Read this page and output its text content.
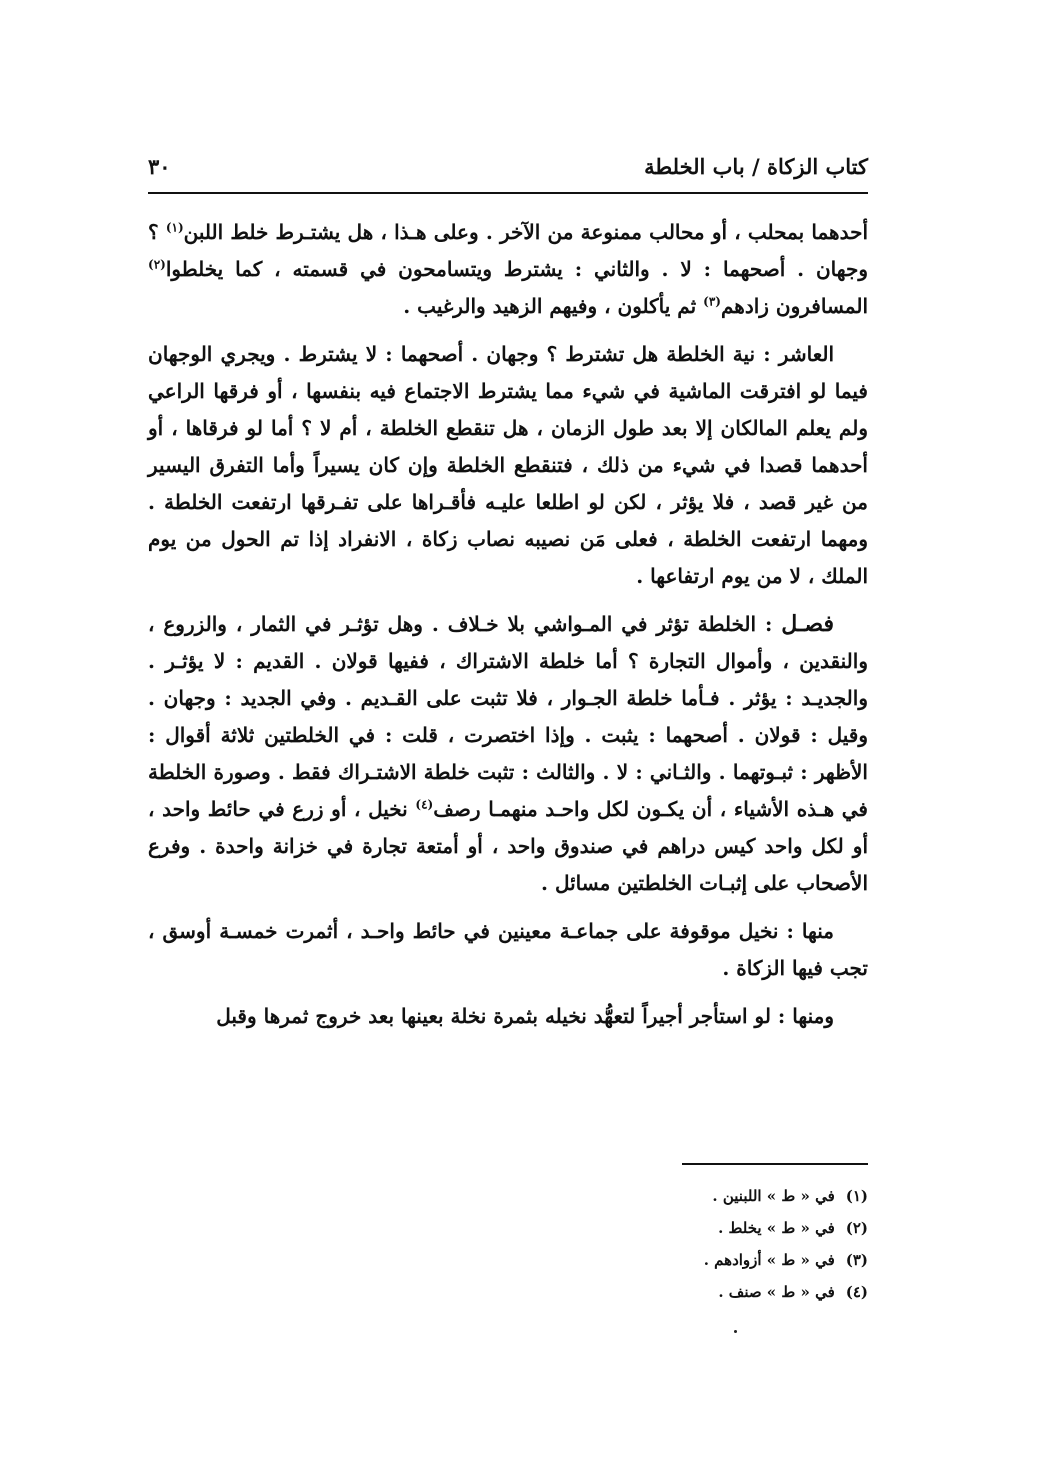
كتاب الزكاة / باب الخلطة
٣٠

أحدهما بمحلب ، أو محالب ممنوعة من الآخر . وعلى هـذا ، هل يشتـرط خلط اللبن$^{(١)}$ ؟ وجهان . أصحهما : لا . والثاني : يشترط ويتسامحون في قسمته ، كما يخلطوا$^{(٢)}$ المسافرون زادهم$^{(٣)}$ ثم يأكلون ، وفيهم الزهيد والرغيب .

العاشر : نية الخلطة هل تشترط ؟ وجهان . أصحهما : لا يشترط . ويجري الوجهان فيما لو افترقت الماشية في شيء مما يشترط الاجتماع فيه بنفسها ، أو فرقها الراعي ولم يعلم المالكان إلا بعد طول الزمان ، هل تنقطع الخلطة ، أم لا ؟ أما لو فرقاها ، أو أحدهما قصدا في شيء من ذلك ، فتنقطع الخلطة وإن كان يسيراً وأما التفرق اليسير من غير قصد ، فلا يؤثر ، لكن لو اطلعا عليـه فأقـراها على تفـرقها ارتفعت الخلطة . ومهما ارتفعت الخلطة ، فعلى مَن نصيبه نصاب زكاة ، الانفراد إذا تم الحول من يوم الملك ، لا من يوم ارتفاعها .

فصـل : الخلطة تؤثر في المـواشي بلا خـلاف . وهل تؤثـر في الثمار ، والزروع ، والنقدين ، وأموال التجارة ؟ أما خلطة الاشتراك ، ففيها قولان . القديم : لا يؤثـر . والجديـد : يؤثر . فـأما خلطة الجـوار ، فلا تثبت على القـديم . وفي الجديد : وجهان . وقيل : قولان . أصحهما : يثبت . وإذا اختصرت ، قلت : في الخلطتين ثلاثة أقوال : الأظهر : ثبـوتهما . والثـاني : لا . والثالث : تثبت خلطة الاشتـراك فقط . وصورة الخلطة في هـذه الأشياء ، أن يكـون لكل واحـد منهمـا رصف$^{(٤)}$ نخيل ، أو زرع في حائط واحد ، أو لكل واحد كيس دراهم في صندوق واحد ، أو أمتعة تجارة في خزانة واحدة . وفرع الأصحاب على إثبـات الخلطتين مسائل .

منها : نخيل موقوفة على جماعـة معينين في حائط واحـد ، أثمرت خمسـة أوسق ، تجب فيها الزكاة .

ومنها : لو استأجر أجيراً لتعهُّد نخيله بثمرة نخلة بعينها بعد خروج ثمرها وقبل

(١) في « ط » اللبنين .

(٢) في « ط » يخلط .

(٣) في « ط » أزوادهم .

(٤) في « ط » صنف .
